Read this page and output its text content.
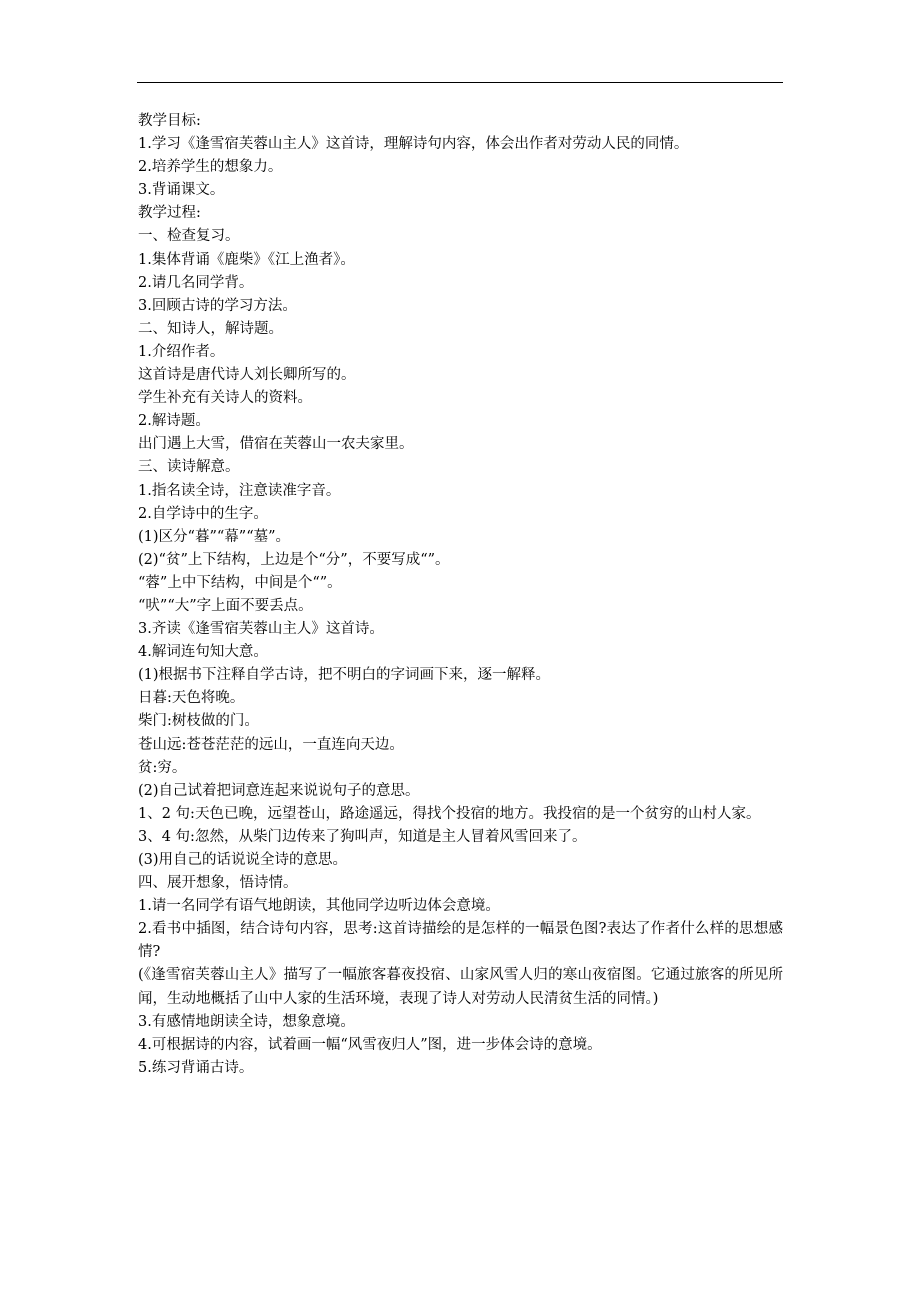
教学目标:
1.学习《逢雪宿芙蓉山主人》这首诗，理解诗句内容，体会出作者对劳动人民的同情。
2.培养学生的想象力。
3.背诵课文。
教学过程:
一、检查复习。
1.集体背诵《鹿柴》《江上渔者》。
2.请几名同学背。
3.回顾古诗的学习方法。
二、知诗人，解诗题。
1.介绍作者。
这首诗是唐代诗人刘长卿所写的。
学生补充有关诗人的资料。
2.解诗题。
出门遇上大雪，借宿在芙蓉山一农夫家里。
三、读诗解意。
1.指名读全诗，注意读准字音。
2.自学诗中的生字。
(1)区分“暮”“幕”“墓”。
(2)“贫”上下结构，上边是个“分”，不要写成“”。
“蓉”上中下结构，中间是个“”。
“吠”“大”字上面不要丢点。
3.齐读《逢雪宿芙蓉山主人》这首诗。
4.解词连句知大意。
(1)根据书下注释自学古诗，把不明白的字词画下来，逐一解释。
日暮:天色将晚。
柴门:树枝做的门。
苍山远:苍苍茫茫的远山，一直连向天边。
贫:穷。
(2)自己试着把词意连起来说说句子的意思。
1、2 句:天色已晚，远望苍山，路途遥远，得找个投宿的地方。我投宿的是一个贫穷的山村人家。
3、4 句:忽然，从柴门边传来了狗叫声，知道是主人冒着风雪回来了。
(3)用自己的话说说全诗的意思。
四、展开想象，悟诗情。
1.请一名同学有语气地朗读，其他同学边听边体会意境。
2.看书中插图，结合诗句内容，思考:这首诗描绘的是怎样的一幅景色图?表达了作者什么样的思想感情?
(《逢雪宿芙蓉山主人》描写了一幅旅客暮夜投宿、山家风雪人归的寒山夜宿图。它通过旅客的所见所闻，生动地概括了山中人家的生活环境，表现了诗人对劳动人民清贫生活的同情。)
3.有感情地朗读全诗，想象意境。
4.可根据诗的内容，试着画一幅“风雪夜归人”图，进一步体会诗的意境。
5.练习背诵古诗。
